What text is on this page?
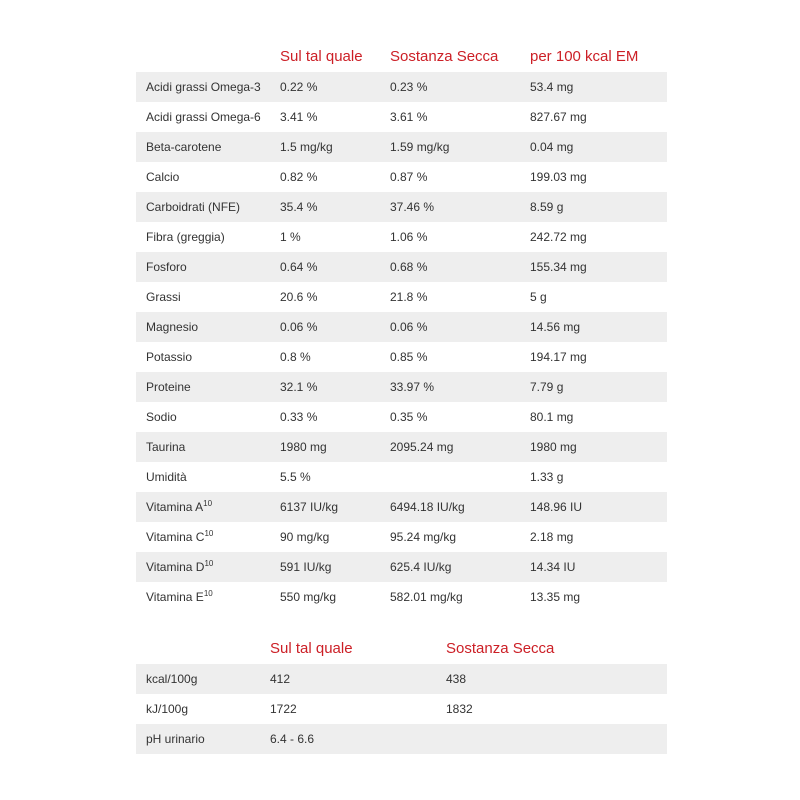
	Sul tal quale	Sostanza Secca	per 100 kcal EM
Acidi grassi Omega-3	0.22 %	0.23 %	53.4 mg
Acidi grassi Omega-6	3.41 %	3.61 %	827.67 mg
Beta-carotene	1.5 mg/kg	1.59 mg/kg	0.04 mg
Calcio	0.82 %	0.87 %	199.03 mg
Carboidrati (NFE)	35.4 %	37.46 %	8.59 g
Fibra (greggia)	1 %	1.06 %	242.72 mg
Fosforo	0.64 %	0.68 %	155.34 mg
Grassi	20.6 %	21.8 %	5 g
Magnesio	0.06 %	0.06 %	14.56 mg
Potassio	0.8 %	0.85 %	194.17 mg
Proteine	32.1 %	33.97 %	7.79 g
Sodio	0.33 %	0.35 %	80.1 mg
Taurina	1980 mg	2095.24 mg	1980 mg
Umidità	5.5 %		1.33 g
Vitamina $A^{10}$	6137 IU/kg	6494.18 IU/kg	148.96 IU
Vitamina $C^{10}$	90 mg/kg	95.24 mg/kg	2.18 mg
Vitamina $D^{10}$	591 IU/kg	625.4 IU/kg	14.34 IU
Vitamina $E^{10}$	550 mg/kg	582.01 mg/kg	13.35 mg
	Sul tal quale	Sostanza Secca
kcal/100g	412	438
kJ/100g	1722	1832
pH urinario	6.4 - 6.6	
